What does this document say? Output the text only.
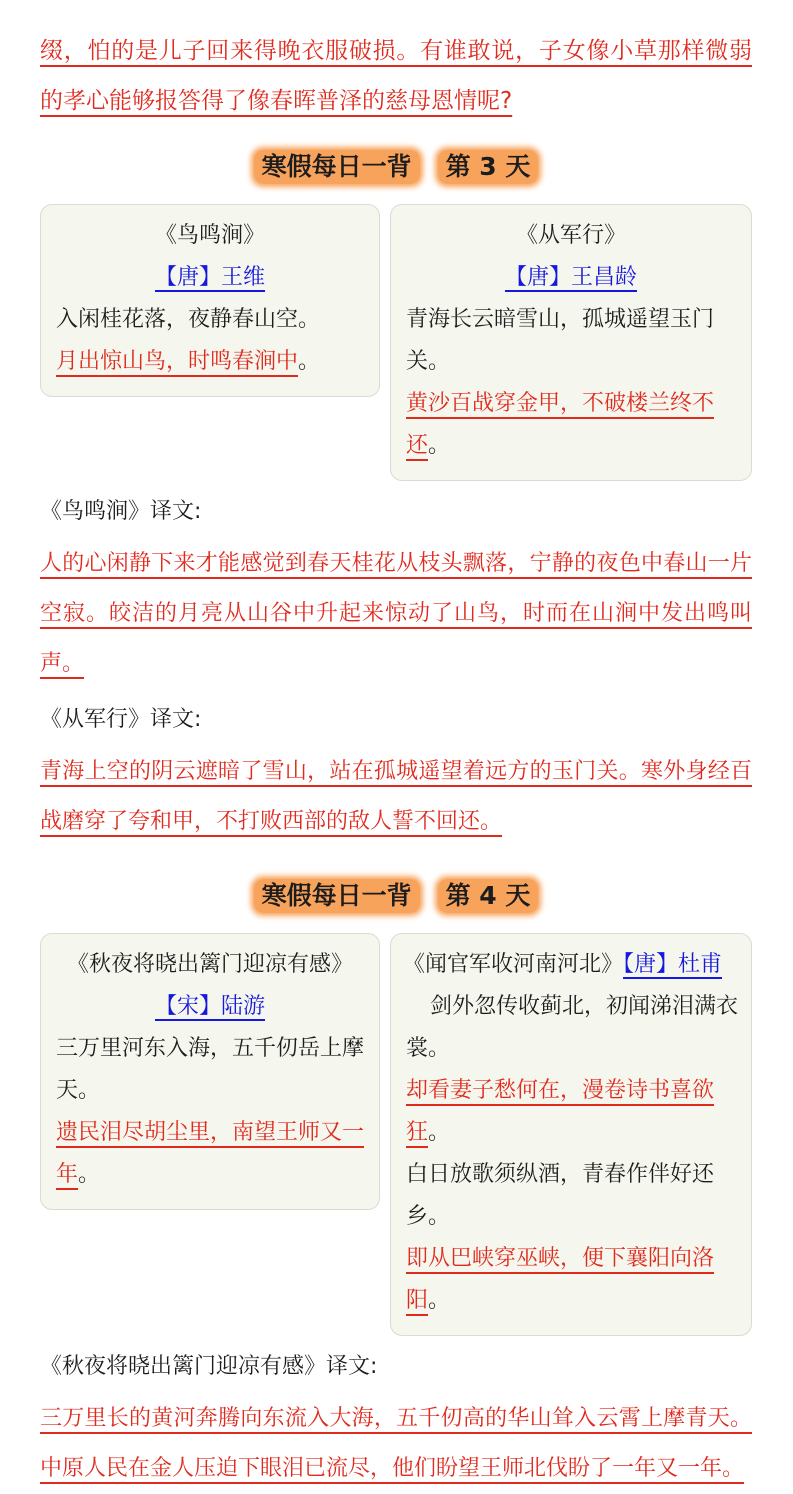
缀，怕的是儿子回来得晚衣服破损。有谁敢说，子女像小草那样微弱的孝心能够报答得了像春晖普泽的慈母恩情呢?

寒假每日一背 第 3 天
《鸟鸣涧》
【唐】王维
入闲桂花落，夜静春山空。
月出惊山鸟，时鸣春涧中。
《从军行》
【唐】王昌龄
青海长云暗雪山，孤城遥望玉门关。
黄沙百战穿金甲，不破楼兰终不还。

《鸟鸣涧》译文:

人的心闲静下来才能感觉到春天桂花从枝头飘落，宁静的夜色中春山一片空寂。皎洁的月亮从山谷中升起来惊动了山鸟，时而在山涧中发出鸣叫声。

《从军行》译文:

青海上空的阴云遮暗了雪山，站在孤城遥望着远方的玉门关。寒外身经百战磨穿了夸和甲，不打败西部的敌人誓不回还。

寒假每日一背 第 4 天
《秋夜将晓出篱门迎凉有感》
【宋】陆游
三万里河东入海，五千仞岳上摩天。
遗民泪尽胡尘里，南望王师又一年。
《闻官军收河南河北》【唐】杜甫
剑外忽传收蓟北，初闻涕泪满衣裳。
却看妻子愁何在，漫卷诗书喜欲狂。
白日放歌须纵酒，青春作伴好还乡。
即从巴峡穿巫峡，便下襄阳向洛阳。

《秋夜将晓出篱门迎凉有感》译文:

三万里长的黄河奔腾向东流入大海，五千仞高的华山耸入云霄上摩青天。中原人民在金人压迫下眼泪已流尽，他们盼望王师北伐盼了一年又一年。
